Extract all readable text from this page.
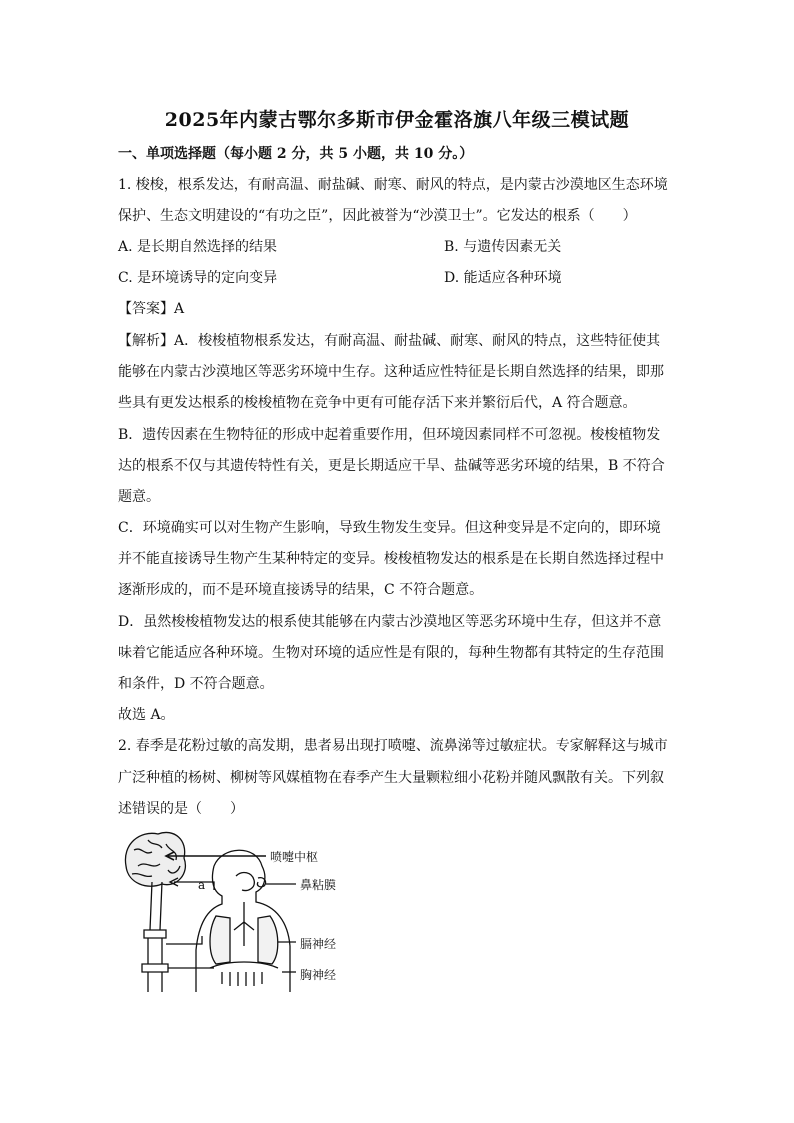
2025年内蒙古鄂尔多斯市伊金霍洛旗八年级三模试题
一、单项选择题（每小题 2 分，共 5 小题，共 10 分。）
1. 梭梭，根系发达，有耐高温、耐盐碱、耐寒、耐风的特点，是内蒙古沙漠地区生态环境
保护、生态文明建设的“有功之臣”，因此被誉为“沙漠卫士”。它发达的根系（　　）
A. 是长期自然选择的结果	B. 与遗传因素无关
C. 是环境诱导的定向变异	D. 能适应各种环境
【答案】A
【解析】A．梭梭植物根系发达，有耐高温、耐盐碱、耐寒、耐风的特点，这些特征使其
能够在内蒙古沙漠地区等恶劣环境中生存。这种适应性特征是长期自然选择的结果，即那
些具有更发达根系的梭梭植物在竞争中更有可能存活下来并繁衍后代，A 符合题意。
B．遗传因素在生物特征的形成中起着重要作用，但环境因素同样不可忽视。梭梭植物发
达的根系不仅与其遗传特性有关，更是长期适应干旱、盐碱等恶劣环境的结果，B 不符合
题意。
C．环境确实可以对生物产生影响，导致生物发生变异。但这种变异是不定向的，即环境
并不能直接诱导生物产生某种特定的变异。梭梭植物发达的根系是在长期自然选择过程中
逐渐形成的，而不是环境直接诱导的结果，C 不符合题意。
D．虽然梭梭植物发达的根系使其能够在内蒙古沙漠地区等恶劣环境中生存，但这并不意
味着它能适应各种环境。生物对环境的适应性是有限的，每种生物都有其特定的生存范围
和条件，D 不符合题意。
故选 A。
2. 春季是花粉过敏的高发期，患者易出现打喷嚏、流鼻涕等过敏症状。专家解释这与城市
广泛种植的杨树、柳树等风媒植物在春季产生大量颗粒细小花粉并随风飘散有关。下列叙
述错误的是（　　）
喷嚏中枢
a	鼻粘膜
膈神经
胸神经
